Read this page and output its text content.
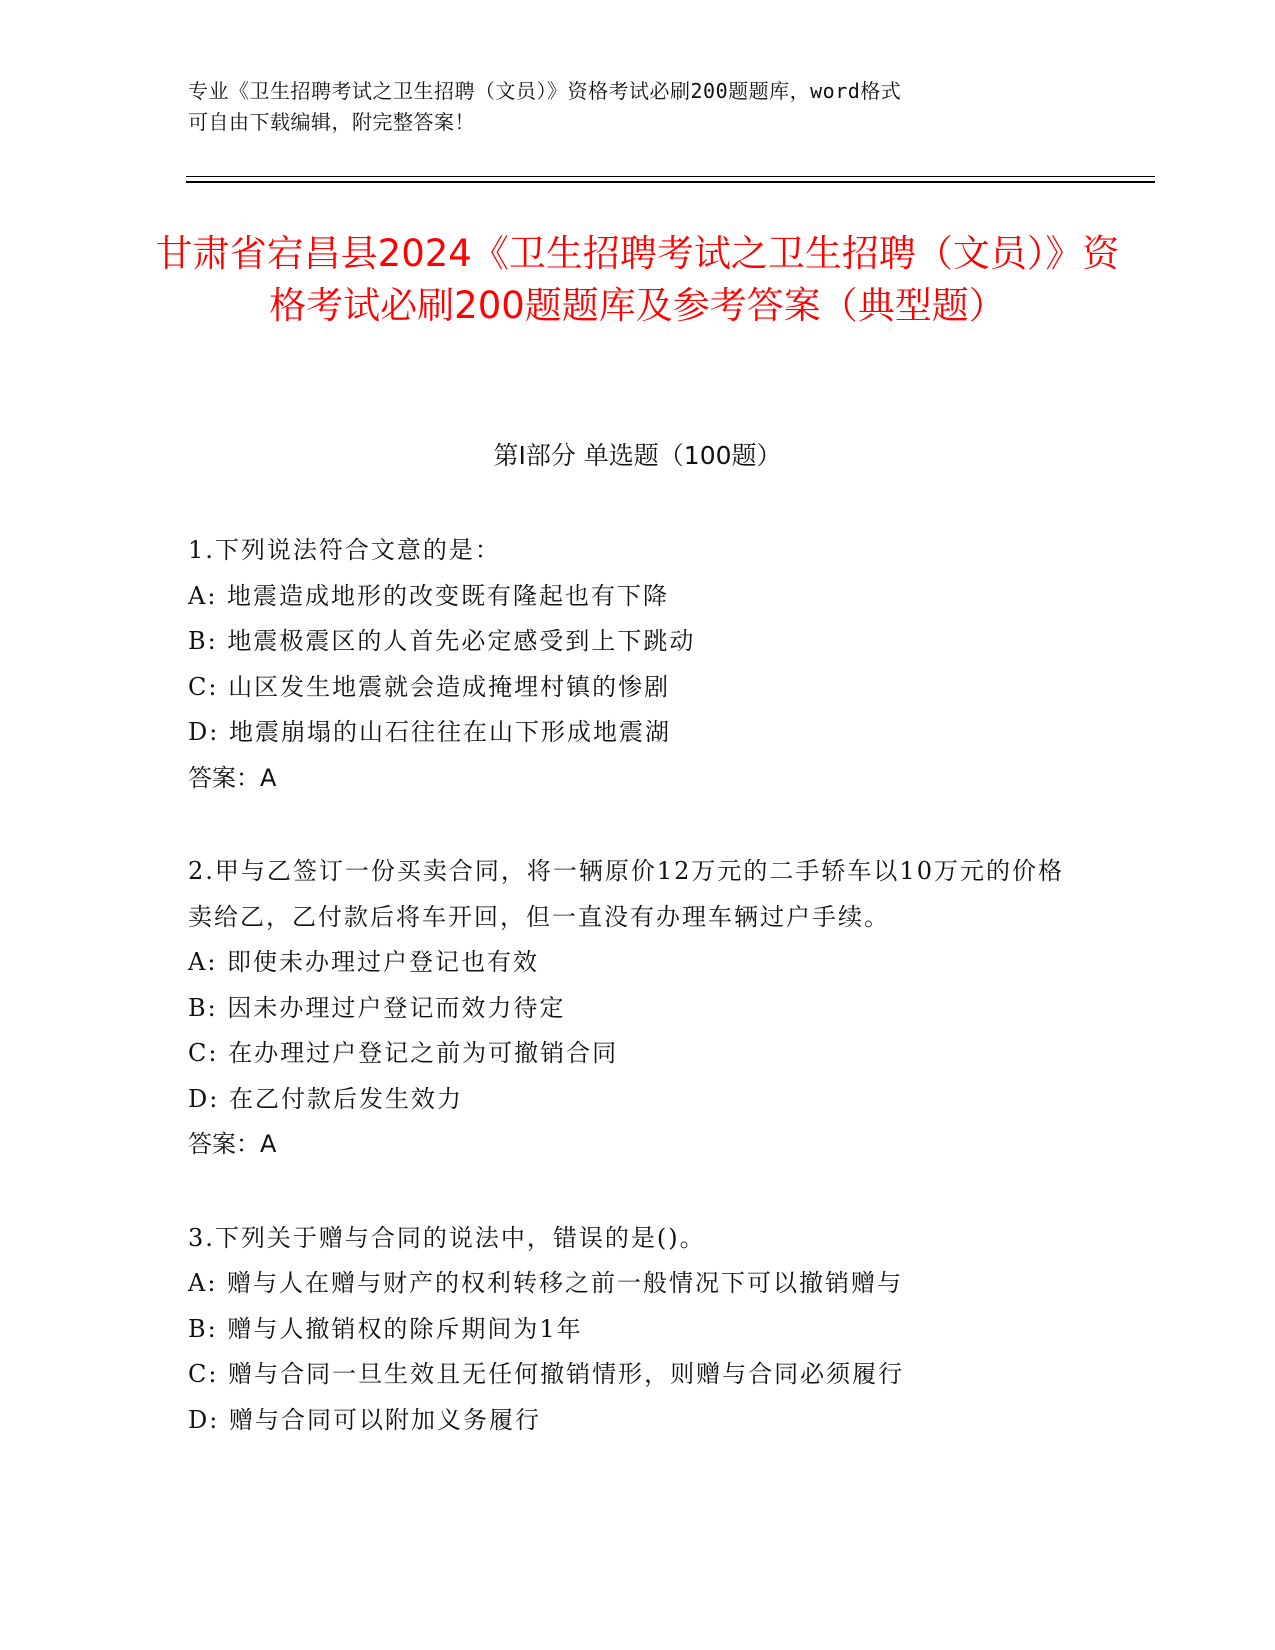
专业《卫生招聘考试之卫生招聘（文员）》资格考试必刷200题题库，word格式
可自由下载编辑，附完整答案！
甘肃省宕昌县2024《卫生招聘考试之卫生招聘（文员）》资格考试必刷200题题库及参考答案（典型题）
第Ⅰ部分 单选题（100题）
1.下列说法符合文意的是：
A: 地震造成地形的改变既有隆起也有下降
B: 地震极震区的人首先必定感受到上下跳动
C: 山区发生地震就会造成掩埋村镇的惨剧
D: 地震崩塌的山石往往在山下形成地震湖
答案：A
2.甲与乙签订一份买卖合同，将一辆原价12万元的二手轿车以10万元的价格卖给乙，乙付款后将车开回，但一直没有办理车辆过户手续。
A: 即使未办理过户登记也有效
B: 因未办理过户登记而效力待定
C: 在办理过户登记之前为可撤销合同
D: 在乙付款后发生效力
答案：A
3.下列关于赠与合同的说法中，错误的是()。
A: 赠与人在赠与财产的权利转移之前一般情况下可以撤销赠与
B: 赠与人撤销权的除斥期间为1年
C: 赠与合同一旦生效且无任何撤销情形，则赠与合同必须履行
D: 赠与合同可以附加义务履行
